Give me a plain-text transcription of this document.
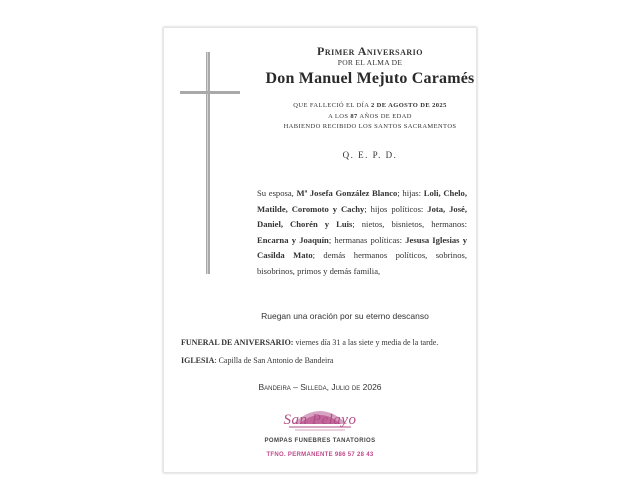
Primer Aniversario
POR EL ALMA DE
Don Manuel Mejuto Caramés
QUE FALLECIÓ EL DÍA 2 DE AGOSTO DE 2025
A LOS 87 AÑOS DE EDAD
HABIENDO RECIBIDO LOS SANTOS SACRAMENTOS
Q. E. P. D.
Su esposa, Mª Josefa González Blanco; hijas: Loli, Chelo, Matilde, Coromoto y Cachy; hijos políticos: Jota, José, Daniel, Chorén y Luis; nietos, bisnietos, hermanos: Encarna y Joaquín; hermanas políticas: Jesusa Iglesias y Casilda Mato; demás hermanos políticos, sobrinos, bisobrinos, primos y demás familia,
Ruegan una oración por su eterno descanso
FUNERAL DE ANIVERSARIO: viernes día 31 a las siete y media de la tarde.
IGLESIA: Capilla de San Antonio de Bandeira
Bandeira – Silleda, Julio de 2026
San Pelayo
POMPAS FUNEBRES TANATORIOS
TFNO. PERMANENTE 986 57 28 43
